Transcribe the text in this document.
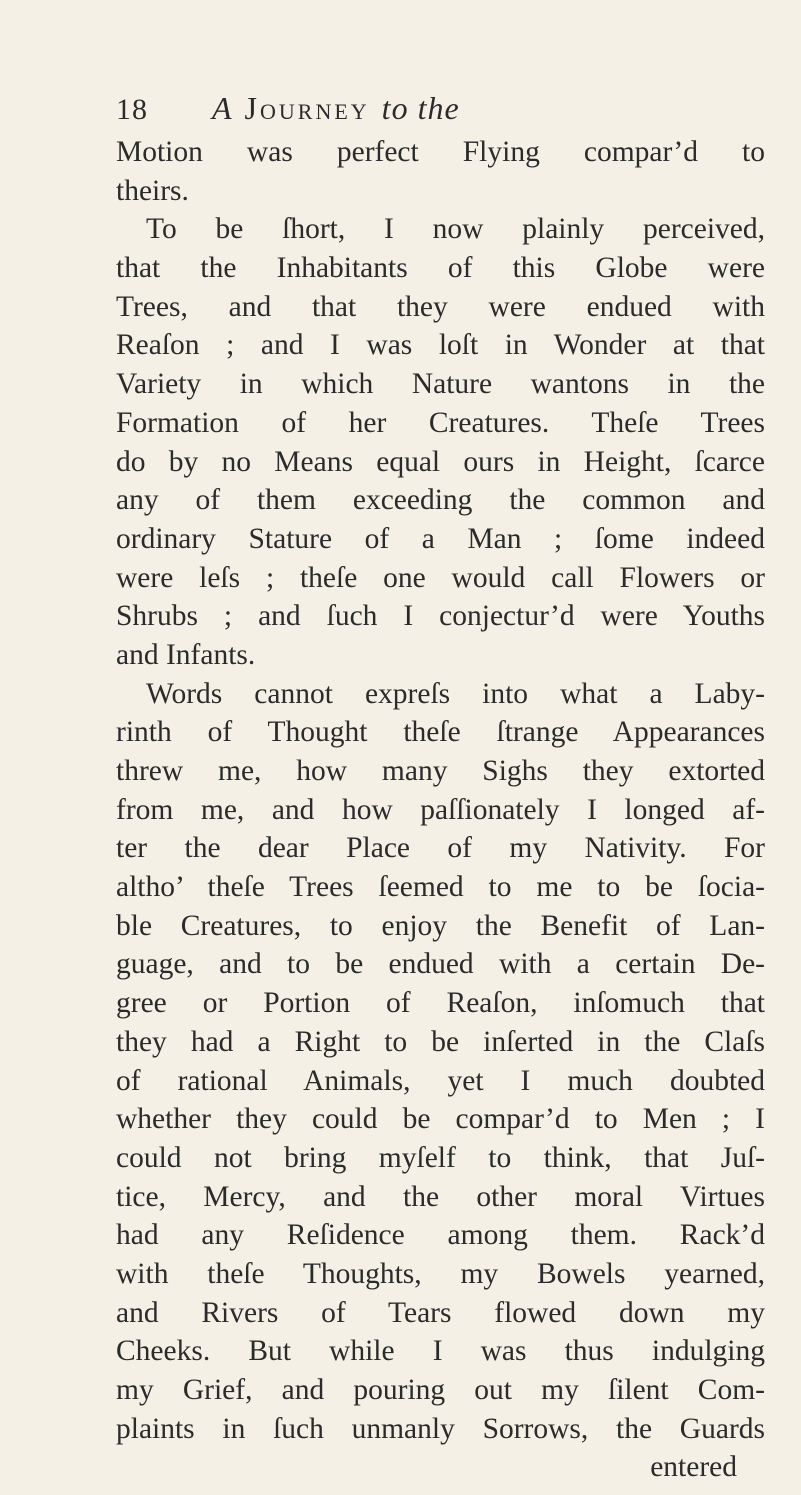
18	A Journey to the
Motion was perfect Flying compar’d to
theirs.
To be ſhort, I now plainly perceived,
that the Inhabitants of this Globe were
Trees, and that they were endued with
Reaſon ; and I was loſt in Wonder at that
Variety in which Nature wantons in the
Formation of her Creatures. Theſe Trees
do by no Means equal ours in Height, ſcarce
any of them exceeding the common and
ordinary Stature of a Man ; ſome indeed
were leſs ; theſe one would call Flowers or
Shrubs ; and ſuch I conjectur’d were Youths
and Infants.
Words cannot expreſs into what a Laby-
rinth of Thought theſe ſtrange Appearances
threw me, how many Sighs they extorted
from me, and how paſſionately I longed af-
ter the dear Place of my Nativity. For
altho’ theſe Trees ſeemed to me to be ſocia-
ble Creatures, to enjoy the Benefit of Lan-
guage, and to be endued with a certain De-
gree or Portion of Reaſon, inſomuch that
they had a Right to be inſerted in the Claſs
of rational Animals, yet I much doubted
whether they could be compar’d to Men ; I
could not bring myſelf to think, that Juſ-
tice, Mercy, and the other moral Virtues
had any Reſidence among them. Rack’d
with theſe Thoughts, my Bowels yearned,
and Rivers of Tears flowed down my
Cheeks. But while I was thus indulging
my Grief, and pouring out my ſilent Com-
plaints in ſuch unmanly Sorrows, the Guards
entered
